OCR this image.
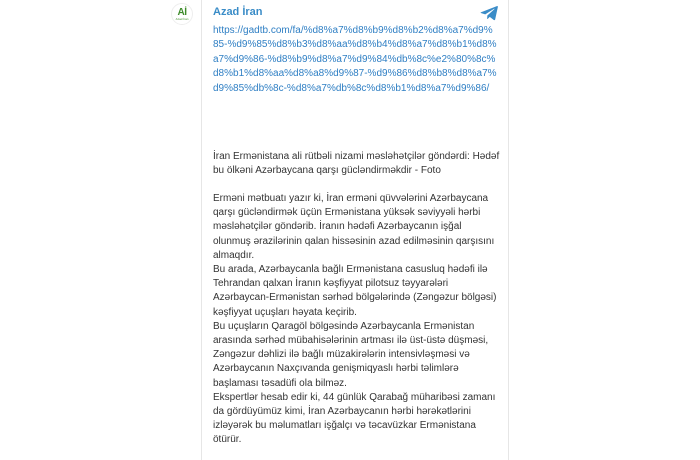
Aİ
Azad İran
Azad İran

https://gadtb.com/fa/%d8%a7%d8%b9%d8%b2%d8%a7%d9%85-%d9%85%d8%b3%d8%aa%d8%b4%d8%a7%d8%b1%d8%a7%d9%86-%d8%b9%d8%a7%d9%84%db%8c%e2%80%8c%d8%b1%d8%aa%d8%a8%d9%87-%d9%86%d8%b8%d8%a7%d9%85%db%8c-%d8%a7%db%8c%d8%b1%d8%a7%d9%86/

İran Ermənistana ali rütbəli nizami məsləhətçilər göndərdi: Hədəf bu ölkəni Azərbaycana qarşı gücləndirməkdir - Foto

Erməni mətbuatı yazır ki, İran erməni qüvvələrini Azərbaycana qarşı gücləndirmək üçün Ermənistana yüksək səviyyəli hərbi məsləhətçilər göndərib. İranın hədəfi Azərbaycanın işğal olunmuş ərazilərinin qalan hissəsinin azad edilməsinin qarşısını almaqdır.

Bu arada, Azərbaycanla bağlı Ermənistana casusluq hədəfi ilə Tehrandan qalxan İranın kəşfiyyat pilotsuz təyyarələri Azərbaycan-Ermənistan sərhəd bölgələrində (Zəngəzur bölgəsi) kəşfiyyat uçuşları həyata keçirib.

Bu uçuşların Qaragöl bölgəsində Azərbaycanla Ermənistan arasında sərhəd mübahisələrinin artması ilə üst-üstə düşməsi, Zəngəzur dəhlizi ilə bağlı müzakirələrin intensivləşməsi və Azərbaycanın Naxçıvanda genişmiqyaslı hərbi təlimlərə başlaması təsadüfi ola bilməz.

Ekspertlər hesab edir ki, 44 günlük Qarabağ müharibəsi zamanı da gördüyümüz kimi, İran Azərbaycanın hərbi hərəkətlərini izləyərək bu məlumatları işğalçı və təcavüzkar Ermənistana ötürür.
